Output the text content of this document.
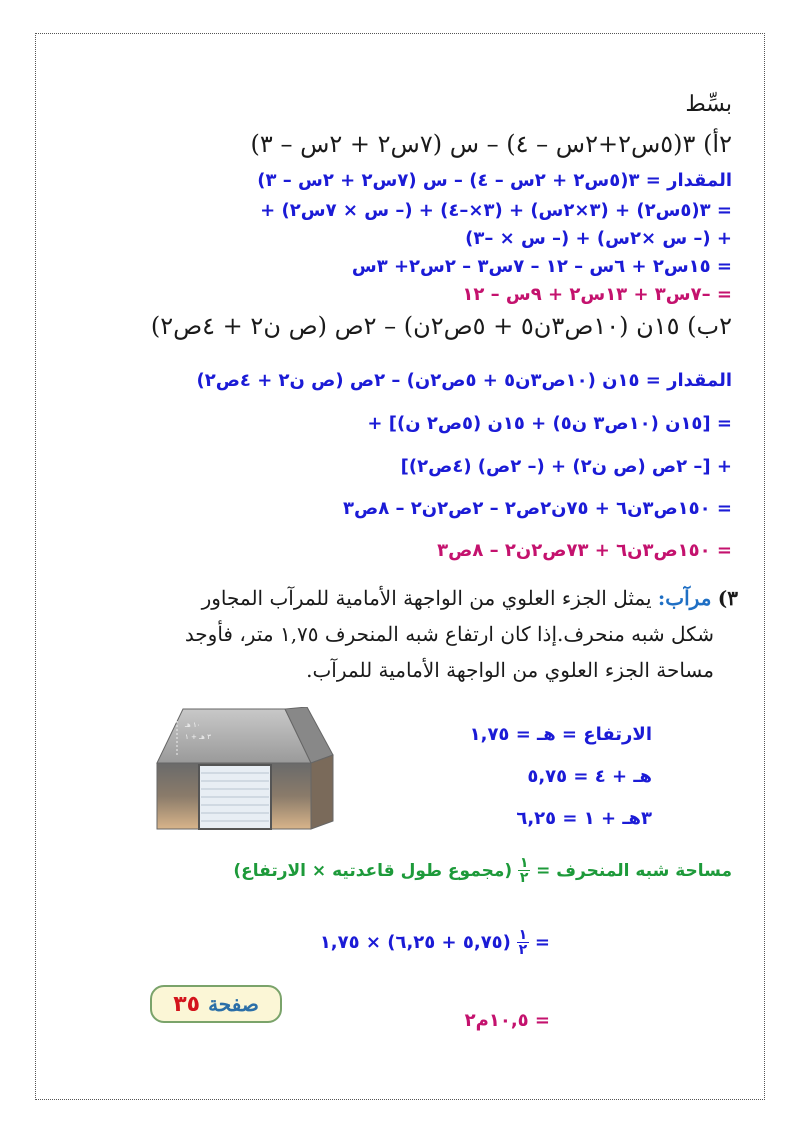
بسِّط
٢أ) ٣(٥س٢+٢س – ٤) – س (٧س٢ + ٢س – ٣)
المقدار = ٣(٥س٢ + ٢س – ٤) – س (٧س٢ + ٢س – ٣)
= ٣(٥س٢) + (٣×٢س) + (٣×–٤) + (– س × ٧س٢) +
+ (– س ×٢س) + (– س × –٣)
= ١٥س٢ + ٦س – ١٢ – ٧س٣ – ٢س٢+ ٣س
= –٧س٣ + ١٣س٢ + ٩س – ١٢
٢ب) ١٥ن (١٠ص٣ن٥ + ٥ص٢ن) – ٢ص (ص ن٢ + ٤ص٢)
المقدار = ١٥ن (١٠ص٣ن٥ + ٥ص٢ن) – ٢ص (ص ن٢ + ٤ص٢)
= [١٥ن (١٠ص٣ ن٥) + ١٥ن (٥ص٢ ن)] +
+ [– ٢ص (ص ن٢) + (– ٢ص) (٤ص٢)]
= ١٥٠ص٣ن٦ + ٧٥ن٢ص٢ – ٢ص٢ن٢ – ٨ص٣
= ١٥٠ص٣ن٦ + ٧٣ص٢ن٢ – ٨ص٣
٣) مرآب: يمثل الجزء العلوي من الواجهة الأمامية للمرآب المجاور
شكل شبه منحرف.إذا كان ارتفاع شبه المنحرف ١,٧٥ متر، فأوجد
مساحة الجزء العلوي من الواجهة الأمامية للمرآب.
١٠ هـ
٣ هـ + ١	الارتفاع = هـ = ١,٧٥
هـ + ٤ = ٥,٧٥
٣هـ + ١ = ٦,٢٥
مساحة شبه المنحرف =
١
٢
(مجموع طول قاعدتيه × الارتفاع)
=
١
٢
(٥,٧٥ + ٦,٢٥) × ١,٧٥
= ١٠,٥م٢
صفحة
٣٥
